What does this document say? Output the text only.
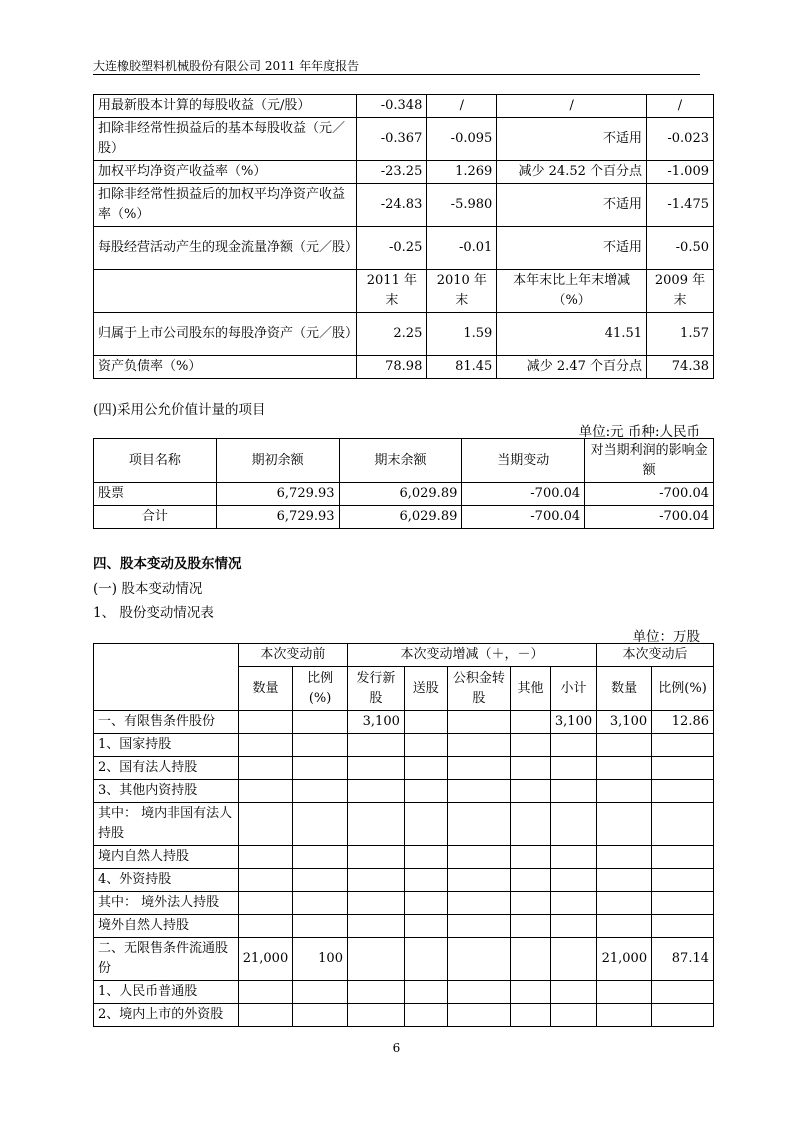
大连橡胶塑料机械股份有限公司 2011 年年度报告
用最新股本计算的每股收益（元/股）	-0.348	/	/	/
扣除非经常性损益后的基本每股收益（元／股）	-0.367	-0.095	不适用	-0.023
加权平均净资产收益率（%）	-23.25	1.269	减少 24.52 个百分点	-1.009
扣除非经常性损益后的加权平均净资产收益率（%）	-24.83	-5.980	不适用	-1.475
每股经营活动产生的现金流量净额（元／股）	-0.25	-0.01	不适用	-0.50
	2011 年末	2010 年末	本年末比上年末增减（%）	2009 年末
归属于上市公司股东的每股净资产（元／股）	2.25	1.59	41.51	1.57
资产负债率（%）	78.98	81.45	减少 2.47 个百分点	74.38
(四)采用公允价值计量的项目
单位:元 币种:人民币
项目名称	期初余额	期末余额	当期变动	对当期利润的影响金额
股票	6,729.93	6,029.89	-700.04	-700.04
合计	6,729.93	6,029.89	-700.04	-700.04
四、股本变动及股东情况
(一) 股本变动情况
1、 股份变动情况表
单位：万股
	本次变动前		本次变动增减（＋，－）					本次变动后	
	数量	比例(%)	发行新股	送股	公积金转股	其他	小计	数量	比例(%)
一、有限售条件股份			3,100				3,100	3,100	12.86
1、国家持股									
2、国有法人持股									
3、其他内资持股									
其中： 境内非国有法人持股									
境内自然人持股									
4、外资持股									
其中： 境外法人持股									
境外自然人持股									
二、无限售条件流通股份	21,000	100						21,000	87.14
1、人民币普通股									
2、境内上市的外资股									
6
